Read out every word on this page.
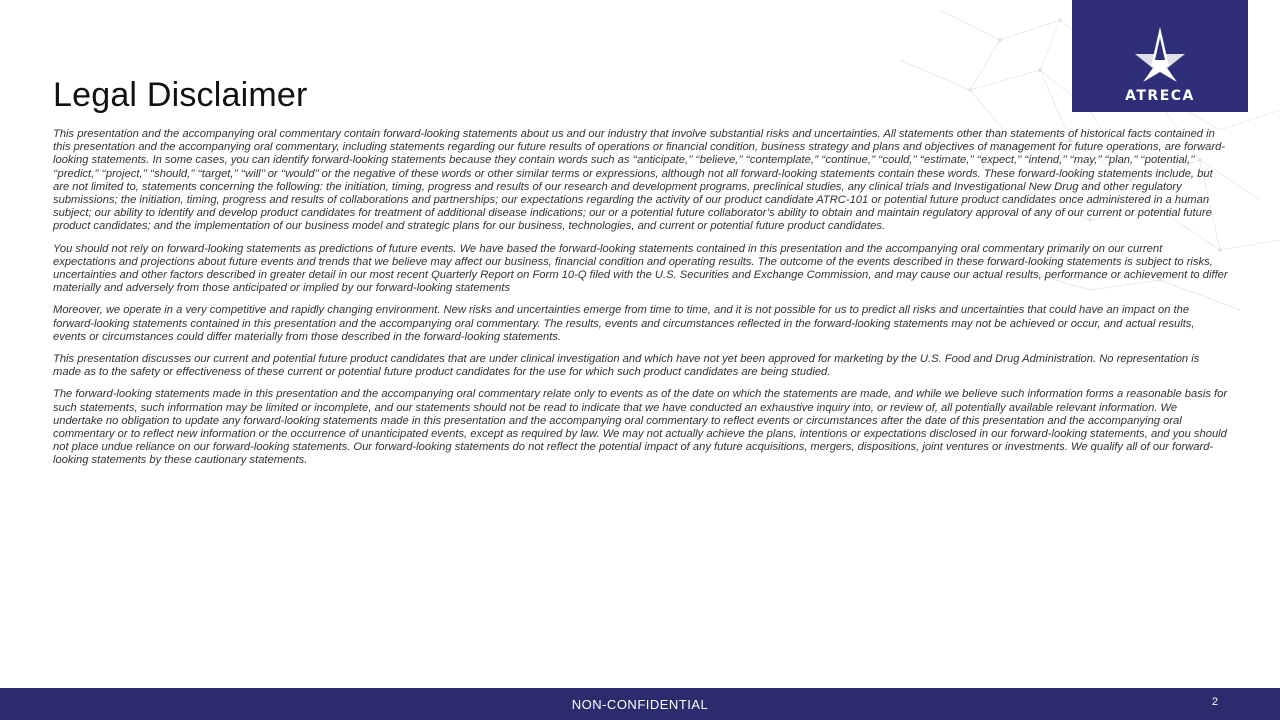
ATRECA
Legal Disclaimer

This presentation and the accompanying oral commentary contain forward-looking statements about us and our industry that involve substantial risks and uncertainties. All statements other than statements of historical facts contained in this presentation and the accompanying oral commentary, including statements regarding our future results of operations or financial condition, business strategy and plans and objectives of management for future operations, are forward-looking statements. In some cases, you can identify forward-looking statements because they contain words such as ‘‘anticipate,’’ ‘‘believe,’’ ‘‘contemplate,’’ ‘‘continue,’’ ‘‘could,’’ ‘‘estimate,’’ ‘‘expect,’’ ‘‘intend,’’ ‘‘may,’’ ‘‘plan,’’ ‘‘potential,’’ ‘‘predict,’’ ‘‘project,’’ ‘‘should,’’ ‘‘target,’’ ‘‘will’’ or ‘‘would’’ or the negative of these words or other similar terms or expressions, although not all forward-looking statements contain these words. These forward-looking statements include, but are not limited to, statements concerning the following: the initiation, timing, progress and results of our research and development programs, preclinical studies, any clinical trials and Investigational New Drug and other regulatory submissions; the initiation, timing, progress and results of collaborations and partnerships; our expectations regarding the activity of our product candidate ATRC-101 or potential future product candidates once administered in a human subject; our ability to identify and develop product candidates for treatment of additional disease indications; our or a potential future collaborator’s ability to obtain and maintain regulatory approval of any of our current or potential future product candidates; and the implementation of our business model and strategic plans for our business, technologies, and current or potential future product candidates.

You should not rely on forward-looking statements as predictions of future events. We have based the forward-looking statements contained in this presentation and the accompanying oral commentary primarily on our current expectations and projections about future events and trends that we believe may affect our business, financial condition and operating results. The outcome of the events described in these forward-looking statements is subject to risks, uncertainties and other factors described in greater detail in our most recent Quarterly Report on Form 10-Q filed with the U.S. Securities and Exchange Commission, and may cause our actual results, performance or achievement to differ materially and adversely from those anticipated or implied by our forward-looking statements

Moreover, we operate in a very competitive and rapidly changing environment. New risks and uncertainties emerge from time to time, and it is not possible for us to predict all risks and uncertainties that could have an impact on the forward-looking statements contained in this presentation and the accompanying oral commentary. The results, events and circumstances reflected in the forward-looking statements may not be achieved or occur, and actual results, events or circumstances could differ materially from those described in the forward-looking statements.

This presentation discusses our current and potential future product candidates that are under clinical investigation and which have not yet been approved for marketing by the U.S. Food and Drug Administration. No representation is made as to the safety or effectiveness of these current or potential future product candidates for the use for which such product candidates are being studied.

The forward-looking statements made in this presentation and the accompanying oral commentary relate only to events as of the date on which the statements are made, and while we believe such information forms a reasonable basis for such statements, such information may be limited or incomplete, and our statements should not be read to indicate that we have conducted an exhaustive inquiry into, or review of, all potentially available relevant information. We undertake no obligation to update any forward-looking statements made in this presentation and the accompanying oral commentary to reflect events or circumstances after the date of this presentation and the accompanying oral commentary or to reflect new information or the occurrence of unanticipated events, except as required by law. We may not actually achieve the plans, intentions or expectations disclosed in our forward-looking statements, and you should not place undue reliance on our forward-looking statements. Our forward-looking statements do not reflect the potential impact of any future acquisitions, mergers, dispositions, joint ventures or investments. We qualify all of our forward-looking statements by these cautionary statements.

NON-CONFIDENTIAL	2
